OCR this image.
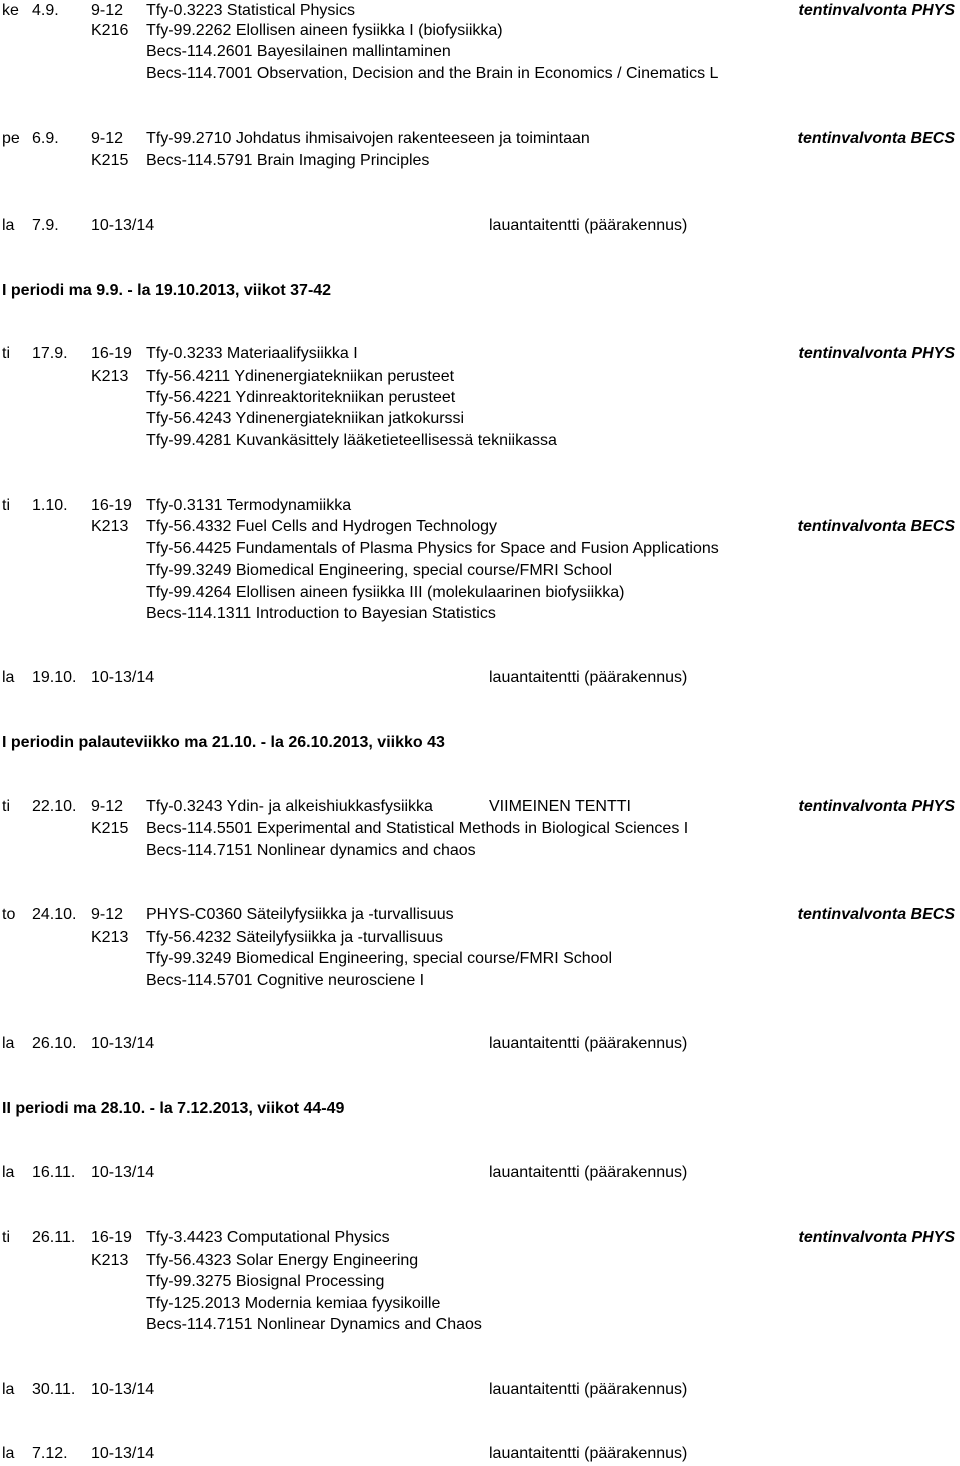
ke 4.9. 9-12 Tfy-0.3223 Statistical Physics	tentinvalvonta PHYS
K216 Tfy-99.2262 Elollisen aineen fysiikka I (biofysiikka)
Becs-114.2601 Bayesilainen mallintaminen
Becs-114.7001 Observation, Decision and the Brain in Economics / Cinematics L
pe 6.9. 9-12 Tfy-99.2710 Johdatus ihmisaivojen rakenteeseen ja toimintaan	tentinvalvonta BECS
K215 Becs-114.5791 Brain Imaging Principles
la 7.9. 10-13/14	lauantaitentti (päärakennus)
I periodi ma 9.9. - la 19.10.2013, viikot 37-42
ti 17.9. 16-19 Tfy-0.3233 Materiaalifysiikka I	tentinvalvonta PHYS
K213 Tfy-56.4211 Ydinenergiatekniikan perusteet
Tfy-56.4221 Ydinreaktoritekniikan perusteet
Tfy-56.4243 Ydinenergiatekniikan jatkokurssi
Tfy-99.4281 Kuvankäsittely lääketieteellisessä tekniikassa
ti 1.10. 16-19 Tfy-0.3131 Termodynamiikka
K213 Tfy-56.4332 Fuel Cells and Hydrogen Technology	tentinvalvonta BECS
Tfy-56.4425 Fundamentals of Plasma Physics for Space and Fusion Applications
Tfy-99.3249 Biomedical Engineering, special course/FMRI School
Tfy-99.4264 Elollisen aineen fysiikka III (molekulaarinen biofysiikka)
Becs-114.1311 Introduction to Bayesian Statistics
la 19.10. 10-13/14	lauantaitentti (päärakennus)
I periodin palauteviikko ma 21.10. - la 26.10.2013, viikko 43
ti 22.10. 9-12 Tfy-0.3243 Ydin- ja alkeishiukkasfysiikka	VIIMEINEN TENTTI	tentinvalvonta PHYS
K215 Becs-114.5501 Experimental and Statistical Methods in Biological Sciences I
Becs-114.7151 Nonlinear dynamics and chaos
to 24.10. 9-12 PHYS-C0360 Säteilyfysiikka ja -turvallisuus	tentinvalvonta BECS
K213 Tfy-56.4232 Säteilyfysiikka ja -turvallisuus
Tfy-99.3249 Biomedical Engineering, special course/FMRI School
Becs-114.5701 Cognitive neurosciene I
la 26.10. 10-13/14	lauantaitentti (päärakennus)
II periodi ma 28.10. - la 7.12.2013, viikot 44-49
la 16.11. 10-13/14	lauantaitentti (päärakennus)
ti 26.11. 16-19 Tfy-3.4423 Computational Physics	tentinvalvonta PHYS
K213 Tfy-56.4323 Solar Energy Engineering
Tfy-99.3275 Biosignal Processing
Tfy-125.2013 Modernia kemiaa fyysikoille
Becs-114.7151 Nonlinear Dynamics and Chaos
la 30.11. 10-13/14	lauantaitentti (päärakennus)
la 7.12. 10-13/14	lauantaitentti (päärakennus)
